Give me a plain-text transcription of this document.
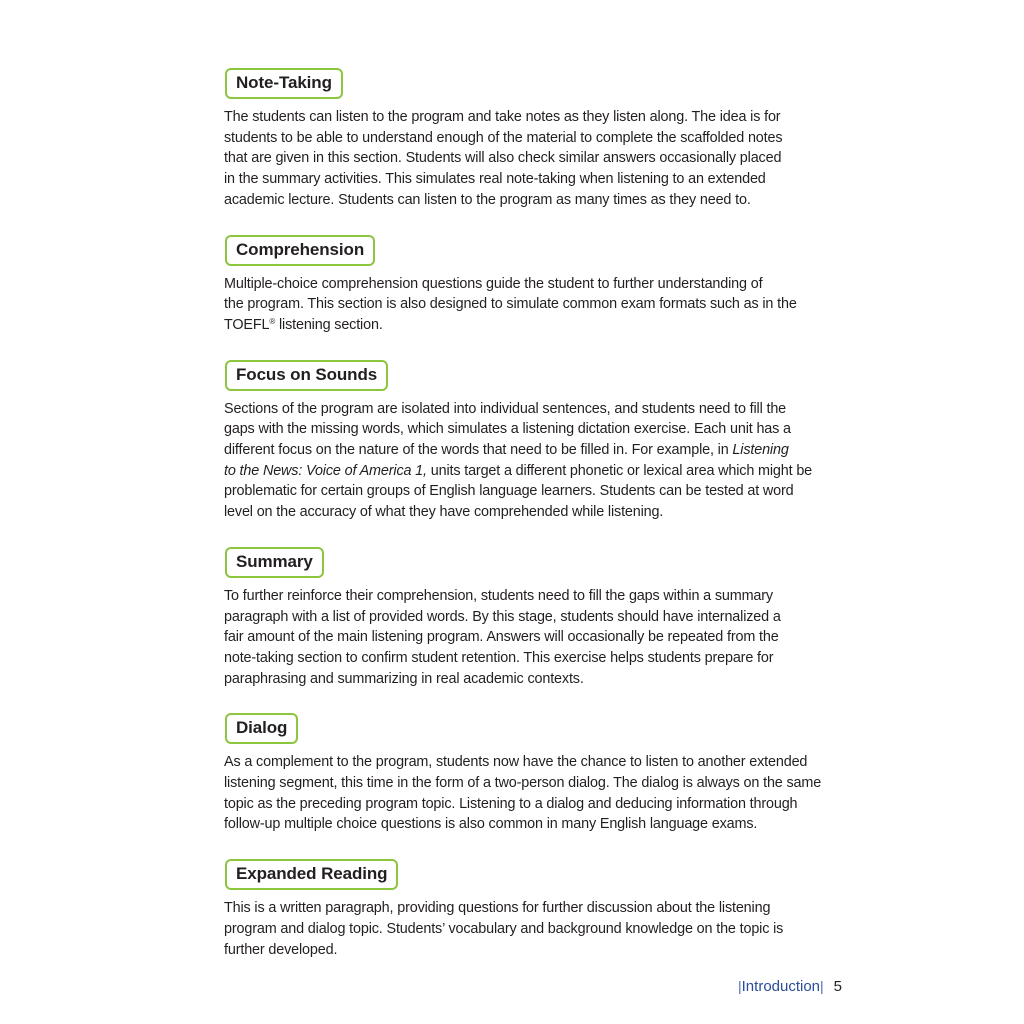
Note-Taking

The students can listen to the program and take notes as they listen along. The idea is for
students to be able to understand enough of the material to complete the scaffolded notes
that are given in this section. Students will also check similar answers occasionally placed
in the summary activities. This simulates real note-taking when listening to an extended
academic lecture. Students can listen to the program as many times as they need to.

Comprehension

Multiple-choice comprehension questions guide the student to further understanding of
the program. This section is also designed to simulate common exam formats such as in the
TOEFL® listening section.

Focus on Sounds

Sections of the program are isolated into individual sentences, and students need to fill the
gaps with the missing words, which simulates a listening dictation exercise. Each unit has a
different focus on the nature of the words that need to be filled in. For example, in Listening
to the News: Voice of America 1, units target a different phonetic or lexical area which might be
problematic for certain groups of English language learners. Students can be tested at word
level on the accuracy of what they have comprehended while listening.

Summary

To further reinforce their comprehension, students need to fill the gaps within a summary
paragraph with a list of provided words. By this stage, students should have internalized a
fair amount of the main listening program. Answers will occasionally be repeated from the
note-taking section to confirm student retention. This exercise helps students prepare for
paraphrasing and summarizing in real academic contexts.

Dialog

As a complement to the program, students now have the chance to listen to another extended
listening segment, this time in the form of a two-person dialog. The dialog is always on the same
topic as the preceding program topic. Listening to a dialog and deducing information through
follow-up multiple choice questions is also common in many English language exams.

Expanded Reading

This is a written paragraph, providing questions for further discussion about the listening
program and dialog topic. Students’ vocabulary and background knowledge on the topic is
further developed.

|Introduction| 5
